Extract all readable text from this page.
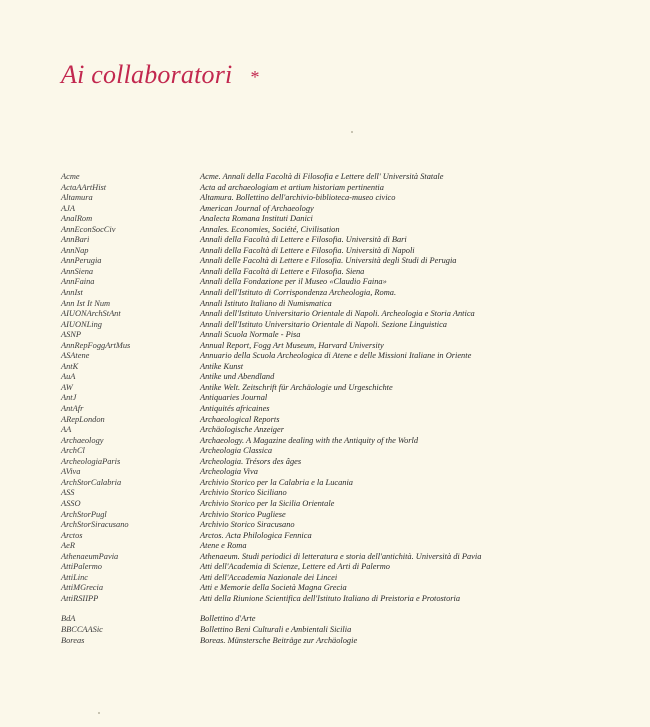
Ai collaboratori *
Acme	Acme. Annali della Facoltà di Filosofia e Lettere dell' Università Statale
ActaAArtHist	Acta ad archaeologiam et artium historiam pertinentia
Altamura	Altamura. Bollettino dell'archivio-biblioteca-museo civico
AJA	American Journal of Archaeology
AnalRom	Analecta Romana Instituti Danici
AnnEconSocCiv	Annales. Economies, Société, Civilisation
AnnBari	Annali della Facoltà di Lettere e Filosofia. Università di Bari
AnnNap	Annali della Facoltà di Lettere e Filosofia. Università di Napoli
AnnPerugia	Annali delle Facoltà di Lettere e Filosofia. Università degli Studi di Perugia
AnnSiena	Annali della Facoltà di Lettere e Filosofia. Siena
AnnFaina	Annali della Fondazione per il Museo «Claudio Faina»
AnnIst	Annali dell'Istituto di Corrispondenza Archeologia, Roma.
Ann Ist It Num	Annali Istituto Italiano di Numismatica
AIUONArchStAnt	Annali dell'Istituto Universitario Orientale di Napoli. Archeologia e Storia Antica
AIUONLing	Annali dell'Istituto Universitario Orientale di Napoli. Sezione Linguistica
ASNP	Annali Scuola Normale - Pisa
AnnRepFoggArtMus	Annual Report, Fogg Art Museum, Harvard University
ASAtene	Annuario della Scuola Archeologica di Atene e delle Missioni Italiane in Oriente
AntK	Antike Kunst
AuA	Antike und Abendland
AW	Antike Welt. Zeitschrift für Archäologie und Urgeschichte
AntJ	Antiquaries Journal
AntAfr	Antiquités africaines
ARepLondon	Archaeological Reports
AA	Archäologische Anzeiger
Archaeology	Archaeology. A Magazine dealing with the Antiquity of the World
ArchCl	Archeologia Classica
ArcheologiaParis	Archeologia. Trésors des âges
AViva	Archeologia Viva
ArchStorCalabria	Archivio Storico per la Calabria e la Lucania
ASS	Archivio Storico Siciliano
ASSO	Archivio Storico per la Sicilia Orientale
ArchStorPugl	Archivio Storico Pugliese
ArchStorSiracusano	Archivio Storico Siracusano
Arctos	Arctos. Acta Philologica Fennica
AeR	Atene e Roma
AthenaeumPavia	Athenaeum. Studi periodici di letteratura e storia dell'antichità. Università di Pavia
AttiPalermo	Atti dell'Academia di Scienze, Lettere ed Arti di Palermo
AttiLinc	Atti dell'Accademia Nazionale dei Lincei
AttiMGrecia	Atti e Memorie della Società Magna Grecia
AttiRSIIPP	Atti della Riunione Scientifica dell'Istituto Italiano di Preistoria e Protostoria
BdA	Bollettino d'Arte
BBCCAASic	Bollettino Beni Culturali e Ambientali Sicilia
Boreas	Boreas. Münstersche Beiträge zur Archäologie
